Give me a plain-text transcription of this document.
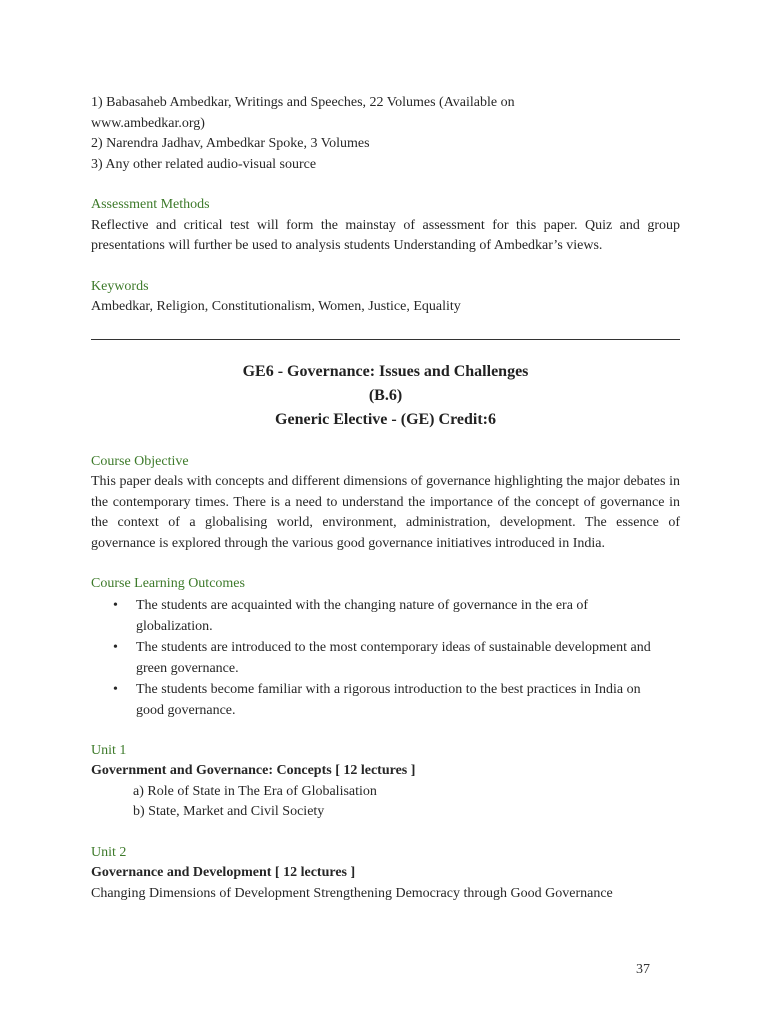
1) Babasaheb Ambedkar, Writings and Speeches, 22 Volumes (Available on
www.ambedkar.org)
2) Narendra Jadhav, Ambedkar Spoke, 3 Volumes
3) Any other related audio-visual source
Assessment Methods
Reflective and critical test will form the mainstay of assessment for this paper. Quiz and group presentations will further be used to analysis students Understanding of Ambedkar’s views.
Keywords
Ambedkar, Religion, Constitutionalism, Women, Justice, Equality
GE6 - Governance: Issues and Challenges
(B.6)
Generic Elective - (GE) Credit:6
Course Objective
This paper deals with concepts and different dimensions of governance highlighting the major debates in the contemporary times. There is a need to understand the importance of the concept of governance in the context of a globalising world, environment, administration, development. The essence of governance is explored through the various good governance initiatives introduced in India.
Course Learning Outcomes
• The students are acquainted with the changing nature of governance in the era of globalization.
• The students are introduced to the most contemporary ideas of sustainable development and green governance.
• The students become familiar with a rigorous introduction to the best practices in India on good governance.
Unit 1
Government and Governance: Concepts [ 12 lectures ]
a) Role of State in The Era of Globalisation
b) State, Market and Civil Society
Unit 2
Governance and Development [ 12 lectures ]
Changing Dimensions of Development Strengthening Democracy through Good Governance
37
